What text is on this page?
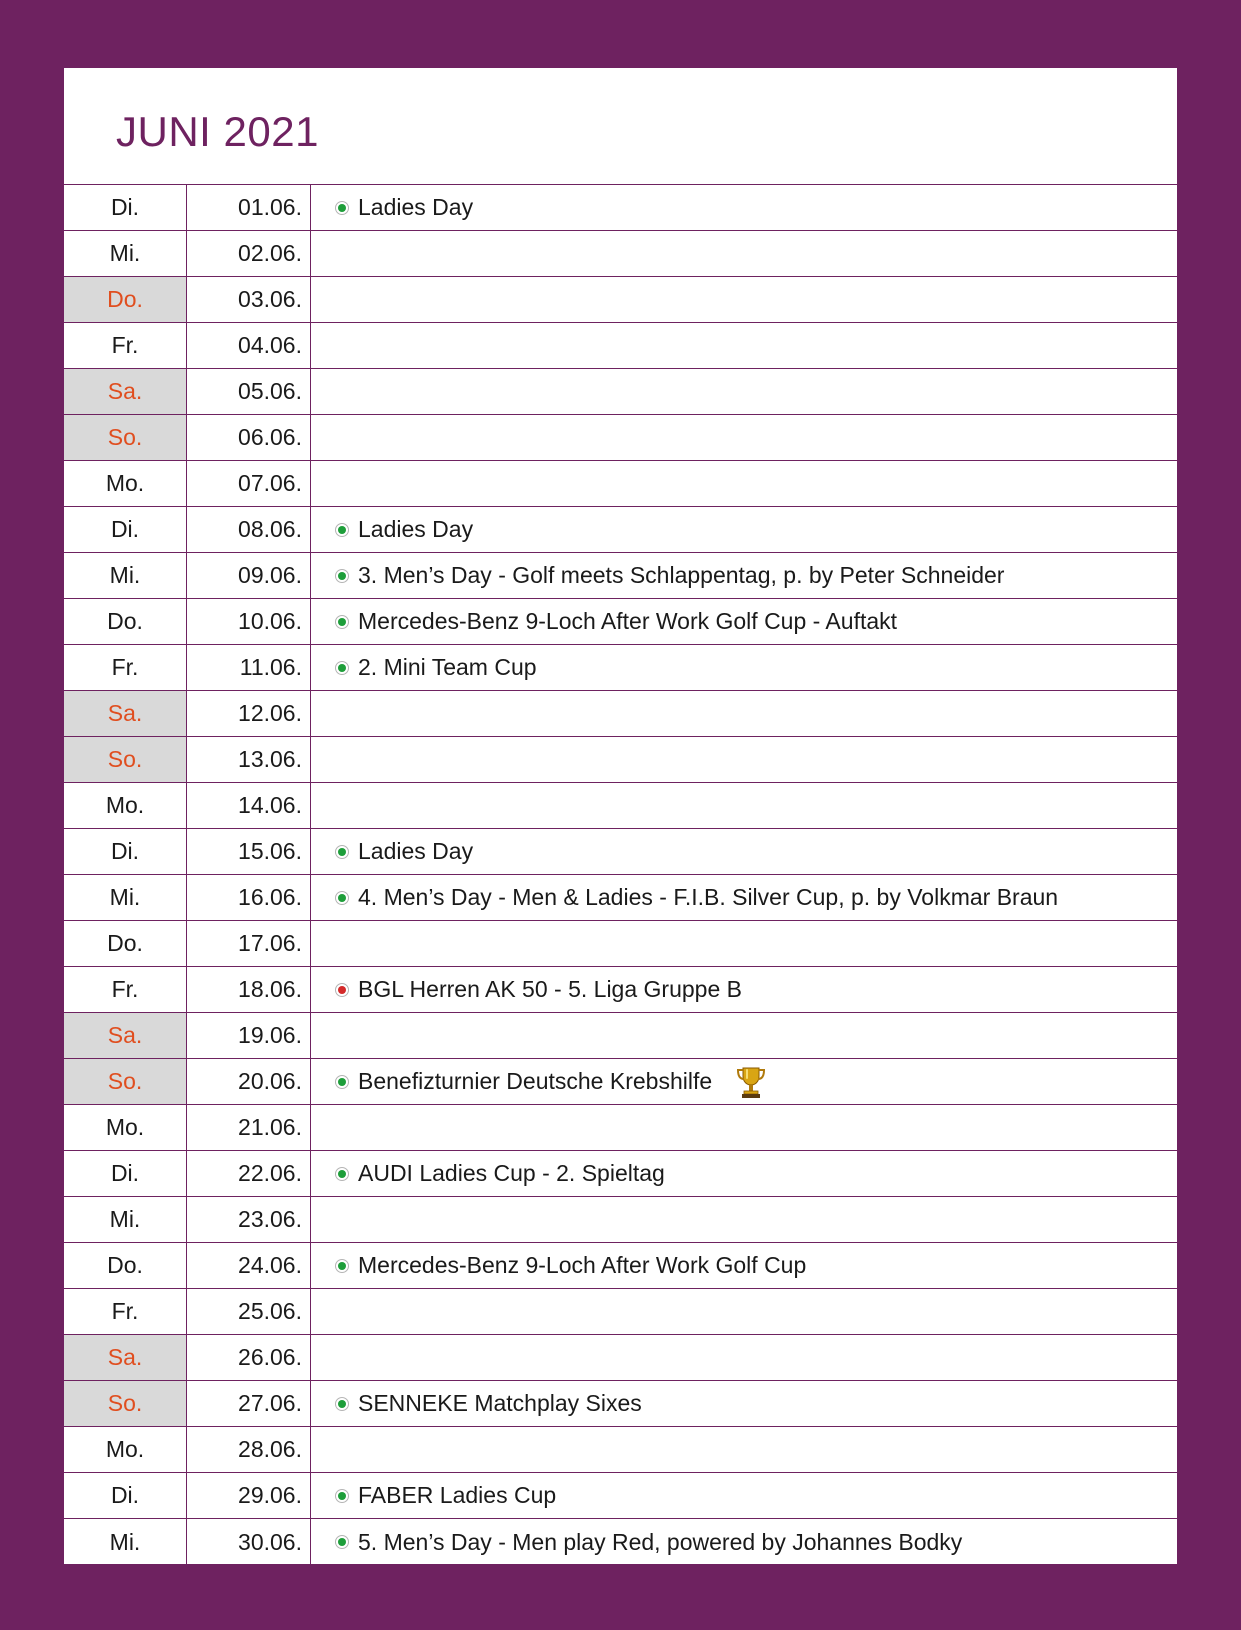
JUNI 2021
Di.	01.06.	Ladies Day
Mi.	02.06.
Do.	03.06.
Fr.	04.06.
Sa.	05.06.
So.	06.06.
Mo.	07.06.
Di.	08.06.	Ladies Day
Mi.	09.06.	3. Men’s Day - Golf meets Schlappentag, p. by Peter Schneider
Do.	10.06.	Mercedes-Benz 9-Loch After Work Golf Cup - Auftakt
Fr.	11.06.	2. Mini Team Cup
Sa.	12.06.
So.	13.06.
Mo.	14.06.
Di.	15.06.	Ladies Day
Mi.	16.06.	4. Men’s Day - Men & Ladies - F.I.B. Silver Cup, p. by Volkmar Braun
Do.	17.06.
Fr.	18.06.	BGL Herren AK 50 - 5. Liga Gruppe B
Sa.	19.06.
So.	20.06.	Benefizturnier Deutsche Krebshilfe
Mo.	21.06.
Di.	22.06.	AUDI Ladies Cup - 2. Spieltag
Mi.	23.06.
Do.	24.06.	Mercedes-Benz 9-Loch After Work Golf Cup
Fr.	25.06.
Sa.	26.06.
So.	27.06.	SENNEKE Matchplay Sixes
Mo.	28.06.
Di.	29.06.	FABER Ladies Cup
Mi.	30.06.	5. Men’s Day - Men play Red, powered by Johannes Bodky
